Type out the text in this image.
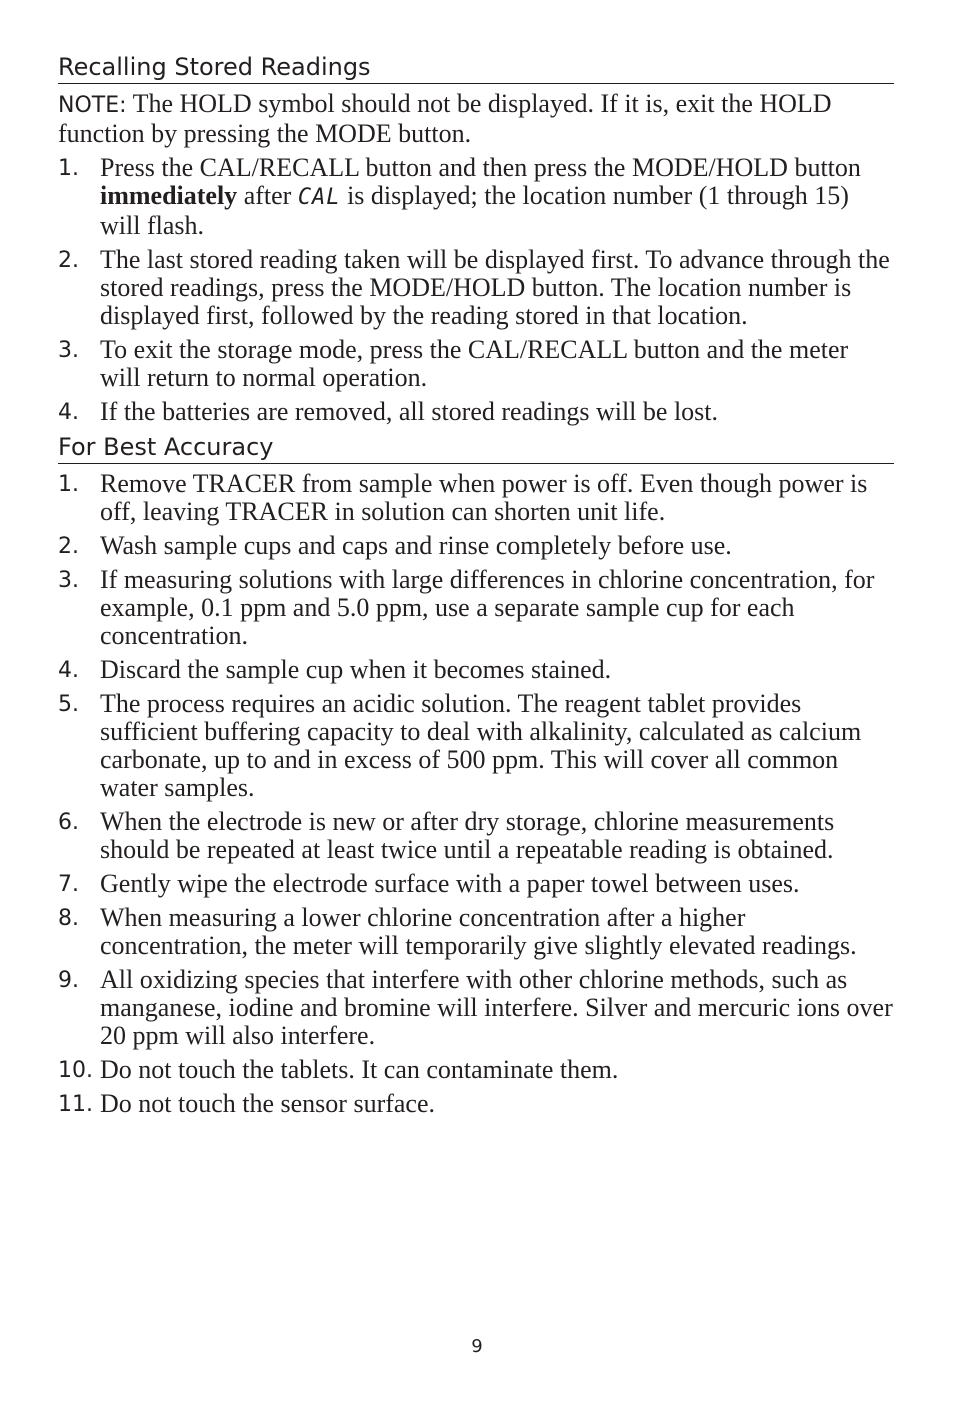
Recalling Stored Readings

NOTE: The HOLD symbol should not be displayed. If it is, exit the HOLD function by pressing the MODE button.

1. Press the CAL/RECALL button and then press the MODE/HOLD button immediately after CAL is displayed; the location number (1 through 15) will flash.
2. The last stored reading taken will be displayed first. To advance through the stored readings, press the MODE/HOLD button. The location number is displayed first, followed by the reading stored in that location.
3. To exit the storage mode, press the CAL/RECALL button and the meter will return to normal operation.
4. If the batteries are removed, all stored readings will be lost.
For Best Accuracy
1. Remove TRACER from sample when power is off. Even though power is off, leaving TRACER in solution can shorten unit life.
2. Wash sample cups and caps and rinse completely before use.
3. If measuring solutions with large differences in chlorine concentration, for example, 0.1 ppm and 5.0 ppm, use a separate sample cup for each concentration.
4. Discard the sample cup when it becomes stained.
5. The process requires an acidic solution. The reagent tablet provides sufficient buffering capacity to deal with alkalinity, calculated as calcium carbonate, up to and in excess of 500 ppm. This will cover all common water samples.
6. When the electrode is new or after dry storage, chlorine measurements should be repeated at least twice until a repeatable reading is obtained.
7. Gently wipe the electrode surface with a paper towel between uses.
8. When measuring a lower chlorine concentration after a higher concentration, the meter will temporarily give slightly elevated readings.
9. All oxidizing species that interfere with other chlorine methods, such as manganese, iodine and bromine will interfere. Silver and mercuric ions over 20 ppm will also interfere.
10. Do not touch the tablets. It can contaminate them.
11. Do not touch the sensor surface.
9
